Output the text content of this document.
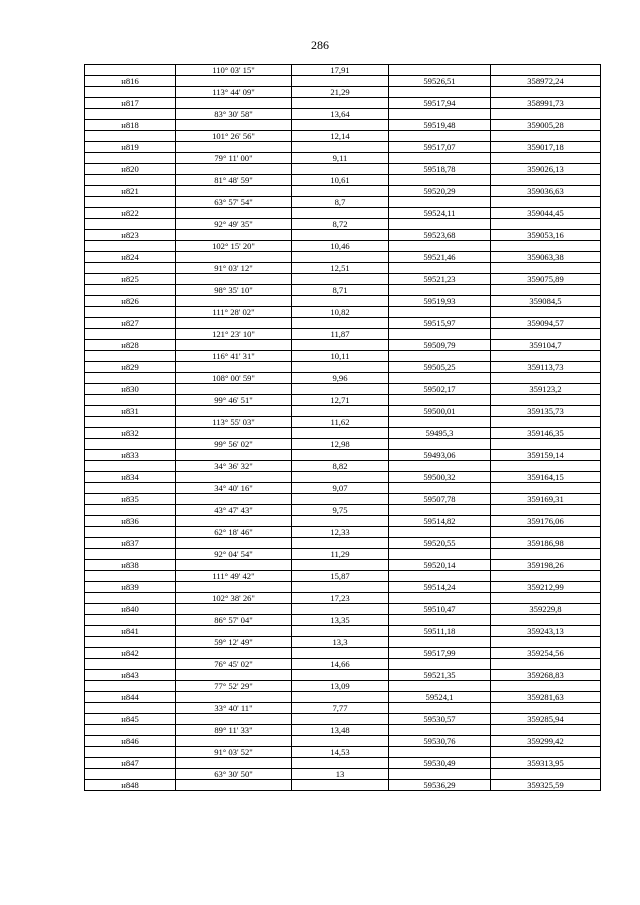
286
	110° 03' 15"	17,91		
н816			59526,51	358972,24
	113° 44' 09"	21,29		
н817			59517,94	358991,73
	83° 30' 58"	13,64		
н818			59519,48	359005,28
	101° 26' 56"	12,14		
н819			59517,07	359017,18
	79° 11' 00"	9,11		
н820			59518,78	359026,13
	81° 48' 59"	10,61		
н821			59520,29	359036,63
	63° 57' 54"	8,7		
н822			59524,11	359044,45
	92° 49' 35"	8,72		
н823			59523,68	359053,16
	102° 15' 20"	10,46		
н824			59521,46	359063,38
	91° 03' 12"	12,51		
н825			59521,23	359075,89
	98° 35' 10"	8,71		
н826			59519,93	359084,5
	111° 28' 02"	10,82		
н827			59515,97	359094,57
	121° 23' 10"	11,87		
н828			59509,79	359104,7
	116° 41' 31"	10,11		
н829			59505,25	359113,73
	108° 00' 59"	9,96		
н830			59502,17	359123,2
	99° 46' 51"	12,71		
н831			59500,01	359135,73
	113° 55' 03"	11,62		
н832			59495,3	359146,35
	99° 56' 02"	12,98		
н833			59493,06	359159,14
	34° 36' 32"	8,82		
н834			59500,32	359164,15
	34° 40' 16"	9,07		
н835			59507,78	359169,31
	43° 47' 43"	9,75		
н836			59514,82	359176,06
	62° 18' 46"	12,33		
н837			59520,55	359186,98
	92° 04' 54"	11,29		
н838			59520,14	359198,26
	111° 49' 42"	15,87		
н839			59514,24	359212,99
	102° 38' 26"	17,23		
н840			59510,47	359229,8
	86° 57' 04"	13,35		
н841			59511,18	359243,13
	59° 12' 49"	13,3		
н842			59517,99	359254,56
	76° 45' 02"	14,66		
н843			59521,35	359268,83
	77° 52' 29"	13,09		
н844			59524,1	359281,63
	33° 40' 11"	7,77		
н845			59530,57	359285,94
	89° 11' 33"	13,48		
н846			59530,76	359299,42
	91° 03' 52"	14,53		
н847			59530,49	359313,95
	63° 30' 50"	13		
н848			59536,29	359325,59
